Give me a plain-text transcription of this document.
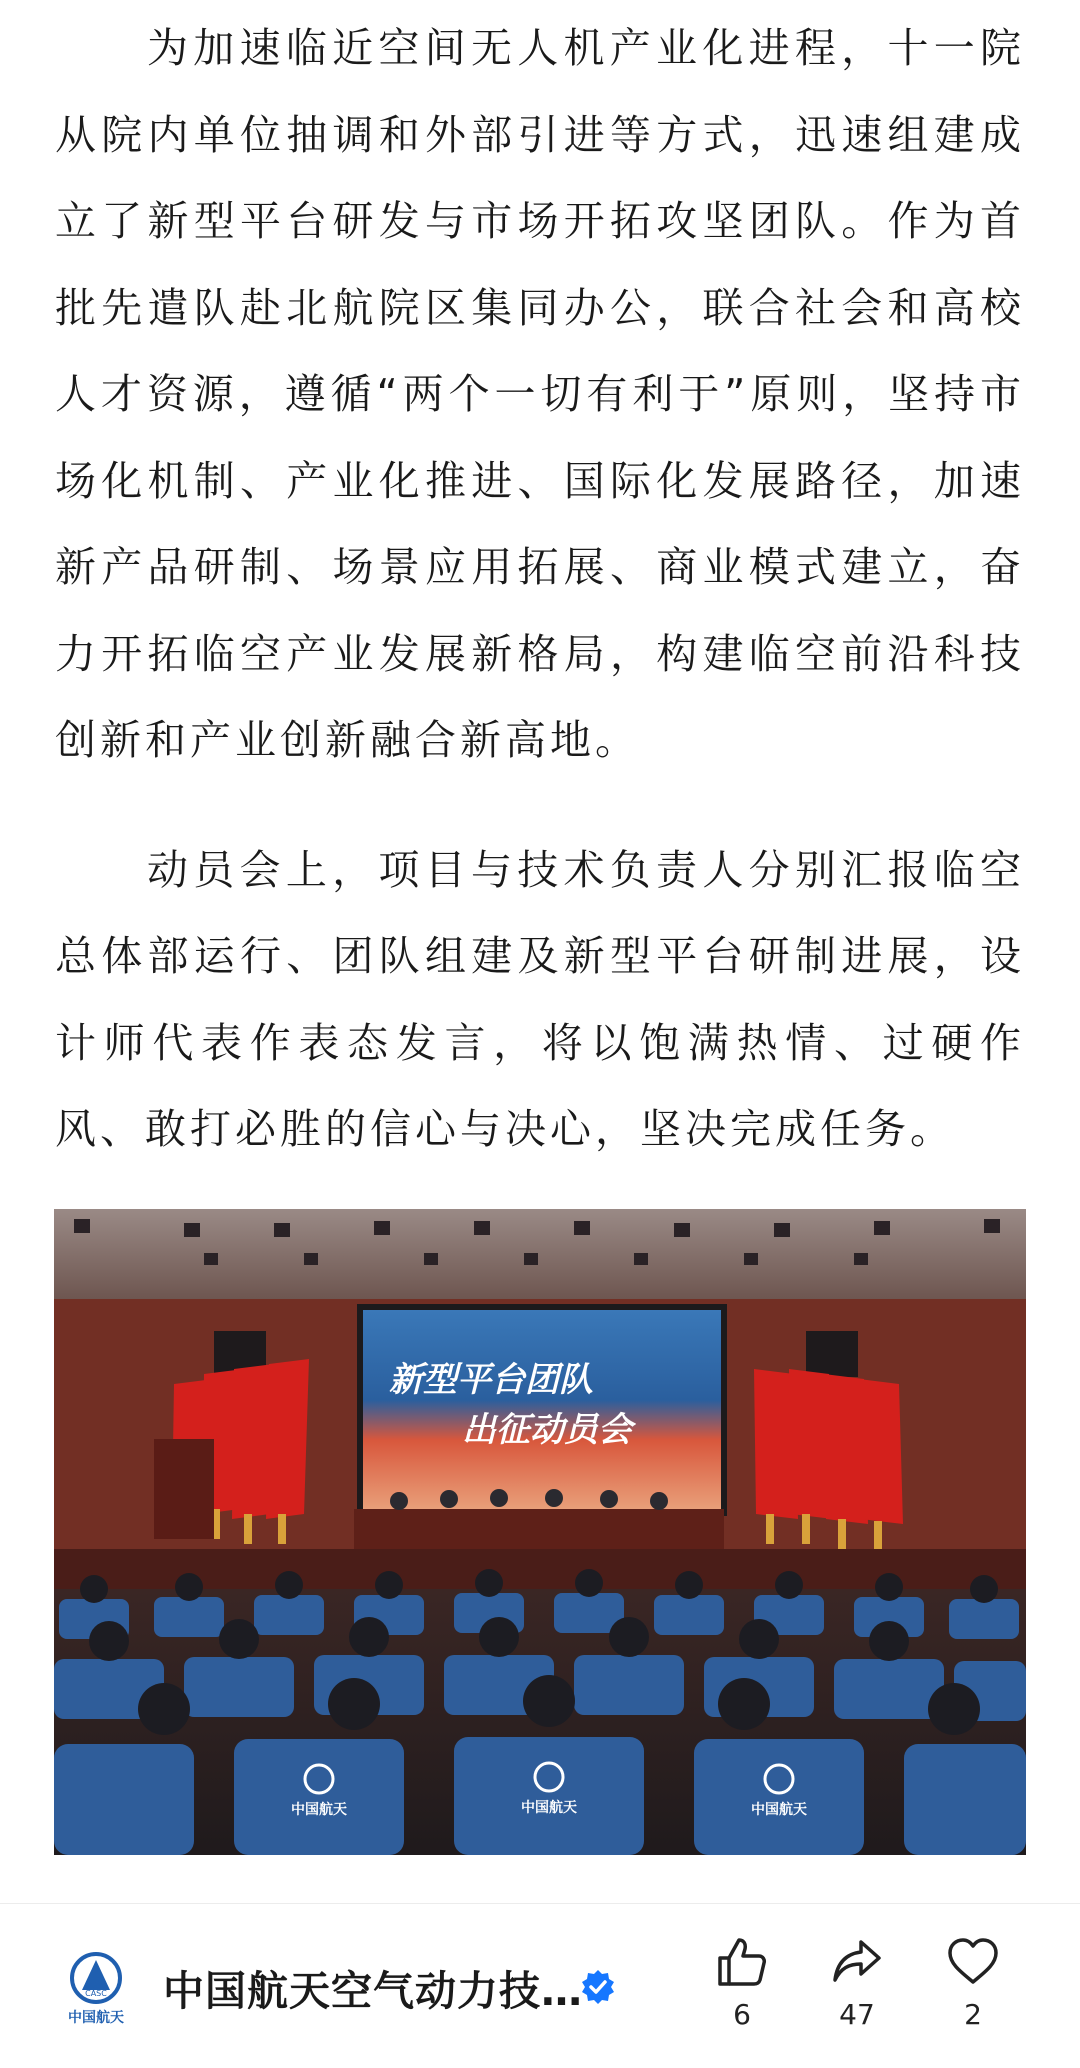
为加速临近空间无人机产业化进程，十一院从院内单位抽调和外部引进等方式，迅速组建成立了新型平台研发与市场开拓攻坚团队。作为首批先遣队赴北航院区集同办公，联合社会和高校人才资源，遵循“两个一切有利于”原则，坚持市场化机制、产业化推进、国际化发展路径，加速新产品研制、场景应用拓展、商业模式建立，奋力开拓临空产业发展新格局，构建临空前沿科技创新和产业创新融合新高地。

动员会上，项目与技术负责人分别汇报临空总体部运行、团队组建及新型平台研制进展，设计师代表作表态发言，将以饱满热情、过硬作风、敢打必胜的信心与决心，坚决完成任务。

新型平台团队
出征动员会
中国航天	中国航天	中国航天
CASC
中国航天
中国航天空气动力技…	6	47	2
